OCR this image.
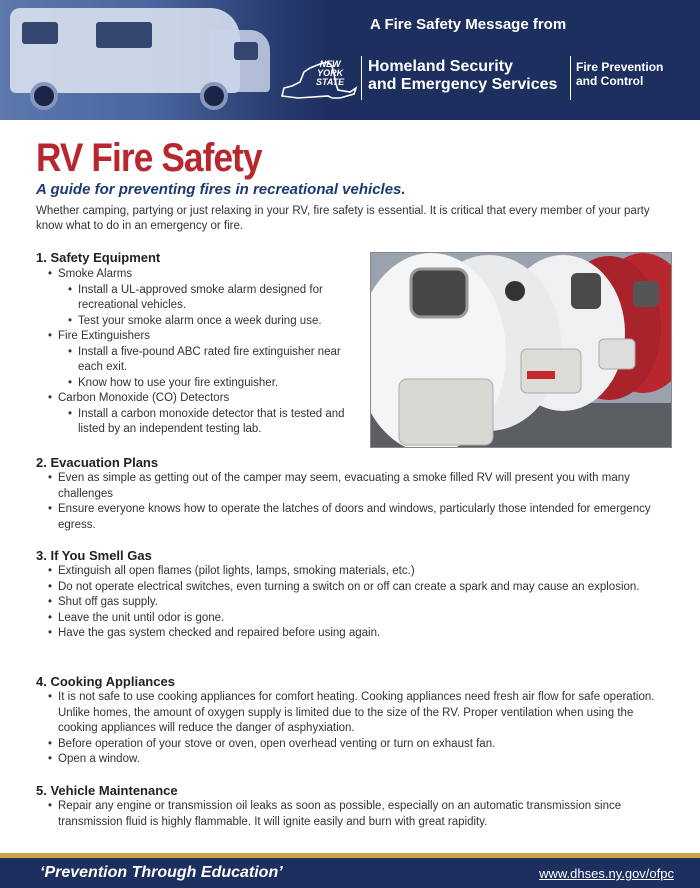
A Fire Safety Message from
NEW
YORK
STATE
Homeland Security
and Emergency Services
Fire Prevention
and Control
RV Fire Safety
A guide for preventing fires in recreational vehicles.
Whether camping, partying or just relaxing in your RV, fire safety is essential. It is critical that every member of your party know what to do in an emergency or fire.
1. Safety Equipment
• Smoke Alarms
• Install a UL-approved smoke alarm designed for recreational vehicles.
• Test your smoke alarm once a week during use.
• Fire Extinguishers
• Install a five-pound ABC rated fire extinguisher near each exit.
• Know how to use your fire extinguisher.
• Carbon Monoxide (CO) Detectors
• Install a carbon monoxide detector that is tested and listed by an independent testing lab.
2. Evacuation Plans
• Even as simple as getting out of the camper may seem, evacuating a smoke filled RV will present you with many challenges
• Ensure everyone knows how to operate the latches of doors and windows, particularly those intended for emergency egress.
3. If You Smell Gas
• Extinguish all open flames (pilot lights, lamps, smoking materials, etc.)
• Do not operate electrical switches, even turning a switch on or off can create a spark and may cause an explosion.
• Shut off gas supply.
• Leave the unit until odor is gone.
• Have the gas system checked and repaired before using again.
4. Cooking Appliances
• It is not safe to use cooking appliances for comfort heating. Cooking appliances need fresh air flow for safe operation. Unlike homes, the amount of oxygen supply is limited due to the size of the RV. Proper ventilation when using the cooking appliances will reduce the danger of asphyxiation.
• Before operation of your stove or oven, open overhead venting or turn on exhaust fan.
• Open a window.
5. Vehicle Maintenance
• Repair any engine or transmission oil leaks as soon as possible, especially on an automatic transmission since transmission fluid is highly flammable. It will ignite easily and burn with great rapidity.
‘Prevention Through Education’	www.dhses.ny.gov/ofpc
